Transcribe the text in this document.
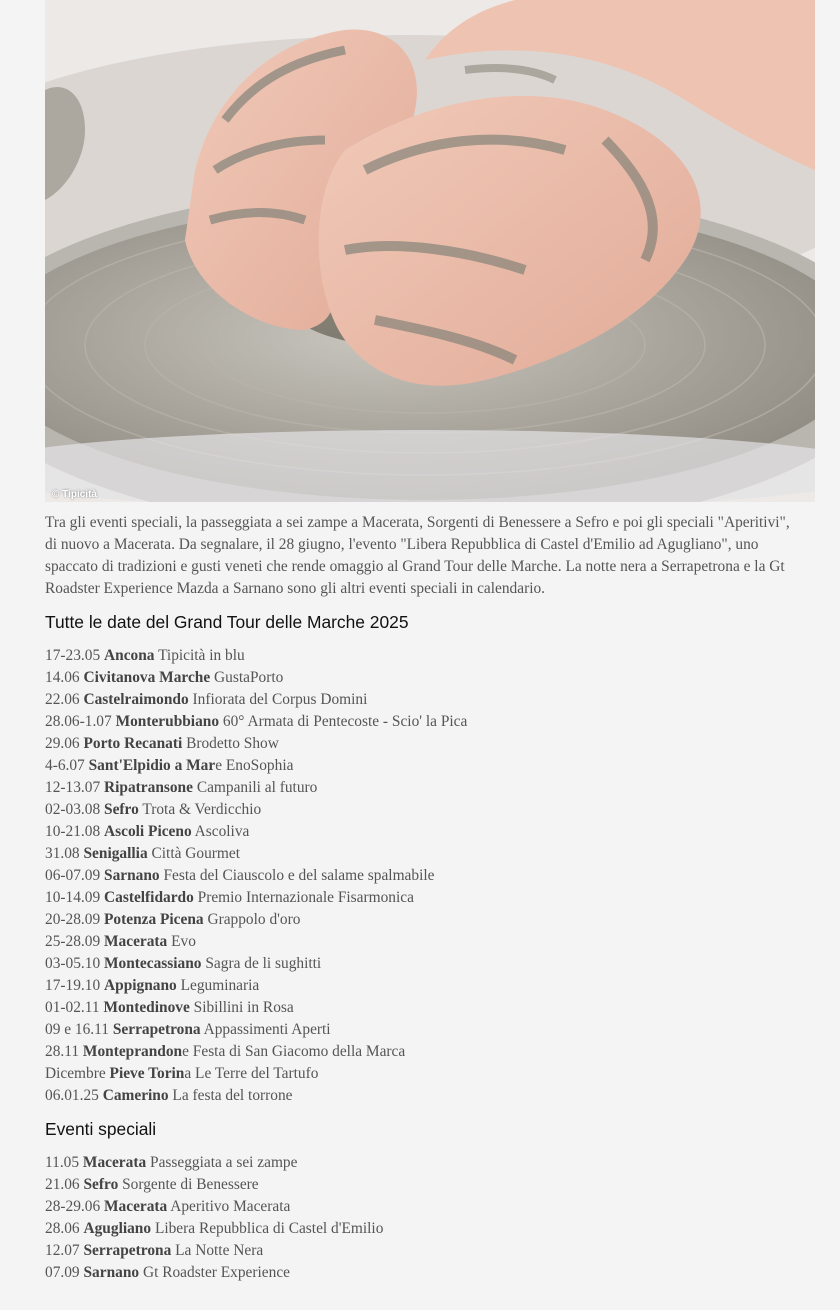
© Tipicità

Tra gli eventi speciali, la passeggiata a sei zampe a Macerata, Sorgenti di Benessere a Sefro e poi gli speciali "Aperitivi", di nuovo a Macerata. Da segnalare, il 28 giugno, l'evento "Libera Repubblica di Castel d'Emilio ad Agugliano", uno spaccato di tradizioni e gusti veneti che rende omaggio al Grand Tour delle Marche. La notte nera a Serrapetrona e la Gt Roadster Experience Mazda a Sarnano sono gli altri eventi speciali in calendario.

Tutte le date del Grand Tour delle Marche 2025
17-23.05 Ancona Tipicità in blu
14.06 Civitanova Marche GustaPorto
22.06 Castelraimondo Infiorata del Corpus Domini
28.06-1.07 Monterubbiano 60° Armata di Pentecoste - Scio' la Pica
29.06 Porto Recanati Brodetto Show
4-6.07 Sant'Elpidio a Mare EnoSophia
12-13.07 Ripatransone Campanili al futuro
02-03.08 Sefro Trota & Verdicchio
10-21.08 Ascoli Piceno Ascoliva
31.08 Senigallia Città Gourmet
06-07.09 Sarnano Festa del Ciauscolo e del salame spalmabile
10-14.09 Castelfidardo Premio Internazionale Fisarmonica
20-28.09 Potenza Picena Grappolo d'oro
25-28.09 Macerata Evo
03-05.10 Montecassiano Sagra de li sughitti
17-19.10 Appignano Leguminaria
01-02.11 Montedinove Sibillini in Rosa
09 e 16.11 Serrapetrona Appassimenti Aperti
28.11 Monteprandone Festa di San Giacomo della Marca
Dicembre Pieve Torina Le Terre del Tartufo
06.01.25 Camerino La festa del torrone
Eventi speciali
11.05 Macerata Passeggiata a sei zampe
21.06 Sefro Sorgente di Benessere
28-29.06 Macerata Aperitivo Macerata
28.06 Agugliano Libera Repubblica di Castel d'Emilio
12.07 Serrapetrona La Notte Nera
07.09 Sarnano Gt Roadster Experience
